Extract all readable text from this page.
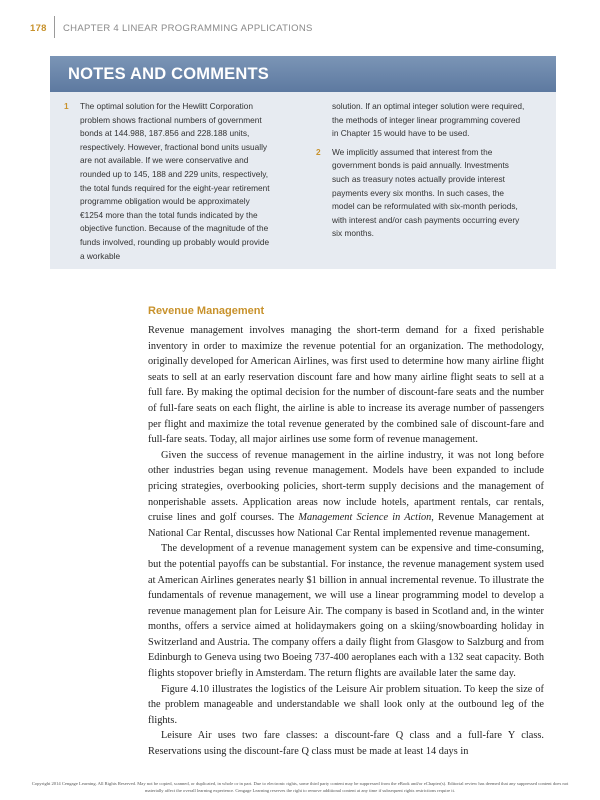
178 CHAPTER 4 LINEAR PROGRAMMING APPLICATIONS
NOTES AND COMMENTS
1 The optimal solution for the Hewlitt Corporation problem shows fractional numbers of government bonds at 144.988, 187.856 and 228.188 units, respectively. However, fractional bond units usually are not available. If we were conservative and rounded up to 145, 188 and 229 units, respectively, the total funds required for the eight-year retirement programme obligation would be approximately €1254 more than the total funds indicated by the objective function. Because of the magnitude of the funds involved, rounding up probably would provide a workable
solution. If an optimal integer solution were required, the methods of integer linear programming covered in Chapter 15 would have to be used.
2 We implicitly assumed that interest from the government bonds is paid annually. Investments such as treasury notes actually provide interest payments every six months. In such cases, the model can be reformulated with six-month periods, with interest and/or cash payments occurring every six months.
Revenue Management

Revenue management involves managing the short-term demand for a fixed perishable inventory in order to maximize the revenue potential for an organization. The methodology, originally developed for American Airlines, was first used to determine how many airline flight seats to sell at an early reservation discount fare and how many airline flight seats to sell at a full fare. By making the optimal decision for the number of discount-fare seats and the number of full-fare seats on each flight, the airline is able to increase its average number of passengers per flight and maximize the total revenue generated by the combined sale of discount-fare and full-fare seats. Today, all major airlines use some form of revenue management.

Given the success of revenue management in the airline industry, it was not long before other industries began using revenue management. Models have been expanded to include pricing strategies, overbooking policies, short-term supply decisions and the management of nonperishable assets. Application areas now include hotels, apartment rentals, car rentals, cruise lines and golf courses. The Management Science in Action, Revenue Management at National Car Rental, discusses how National Car Rental implemented revenue management.

The development of a revenue management system can be expensive and time-consuming, but the potential payoffs can be substantial. For instance, the revenue management system used at American Airlines generates nearly $1 billion in annual incremental revenue. To illustrate the fundamentals of revenue management, we will use a linear programming model to develop a revenue management plan for Leisure Air. The company is based in Scotland and, in the winter months, offers a service aimed at holidaymakers going on a skiing/snowboarding holiday in Switzerland and Austria. The company offers a daily flight from Glasgow to Salzburg and from Edinburgh to Geneva using two Boeing 737-400 aeroplanes each with a 132 seat capacity. Both flights stopover briefly in Amsterdam. The return flights are available later the same day.

Figure 4.10 illustrates the logistics of the Leisure Air problem situation. To keep the size of the problem manageable and understandable we shall look only at the outbound leg of the flights.

Leisure Air uses two fare classes: a discount-fare Q class and a full-fare Y class. Reservations using the discount-fare Q class must be made at least 14 days in

Copyright 2014 Cengage Learning. All Rights Reserved. May not be copied, scanned, or duplicated, in whole or in part. Due to electronic rights, some third party content may be suppressed from the eBook and/or eChapter(s). Editorial review has deemed that any suppressed content does not materially affect the overall learning experience. Cengage Learning reserves the right to remove additional content at any time if subsequent rights restrictions require it.
